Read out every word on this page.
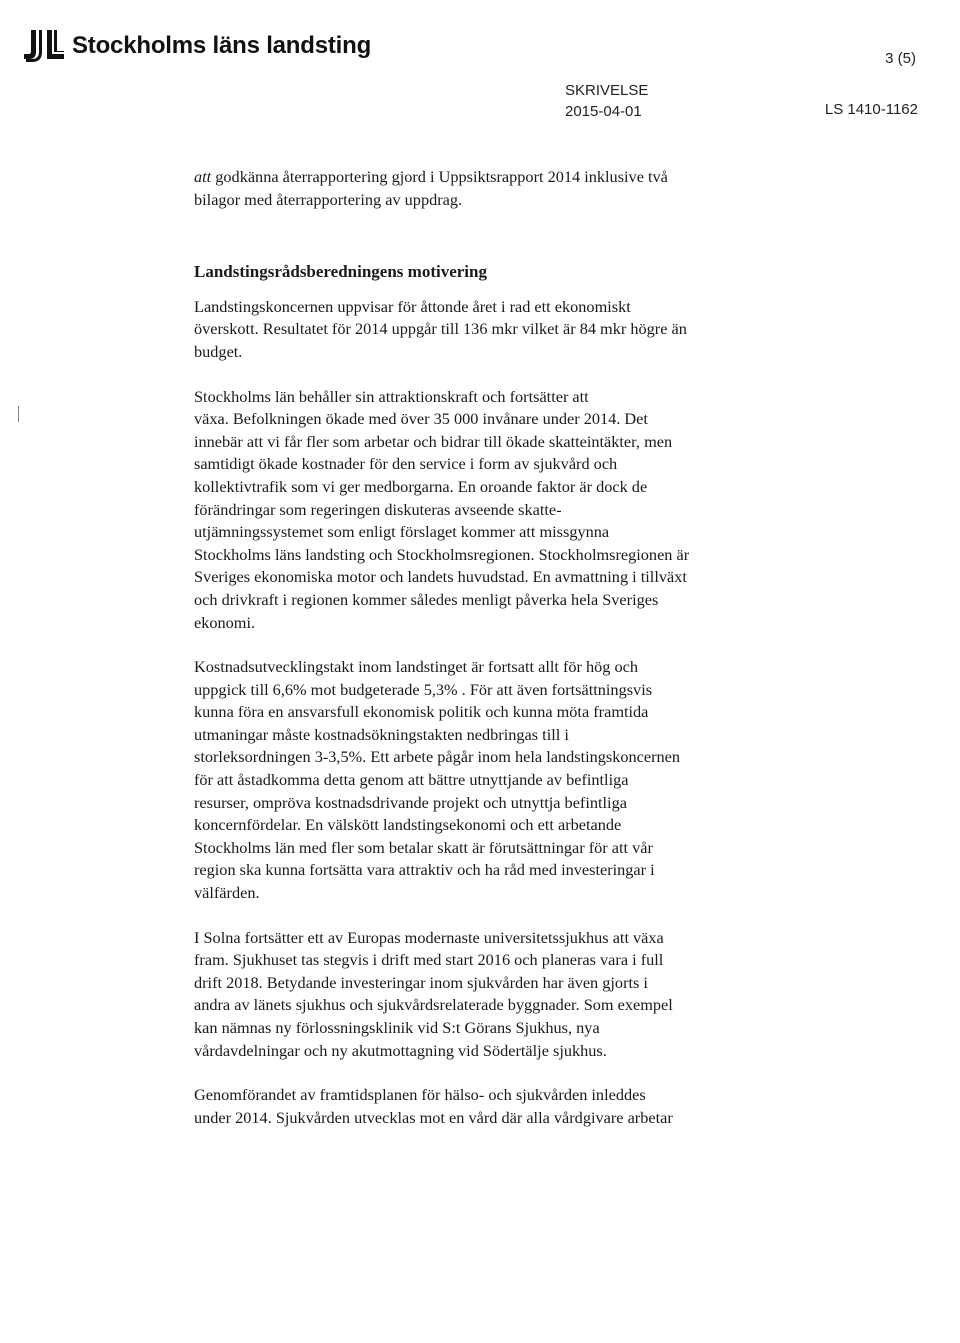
Stockholms läns landsting	3 (5)
SKRIVELSE
2015-04-01	LS 1410-1162

att godkänna återrapportering gjord i Uppsiktsrapport 2014 inklusive två
bilagor med återrapportering av uppdrag.

Landstingsrådsberedningens motivering

Landstingskoncernen uppvisar för åttonde året i rad ett ekonomiskt
överskott. Resultatet för 2014 uppgår till 136 mkr vilket är 84 mkr högre än
budget.

Stockholms län behåller sin attraktionskraft och fortsätter att
växa. Befolkningen ökade med över 35 000 invånare under 2014. Det
innebär att vi får fler som arbetar och bidrar till ökade skatteintäkter, men
samtidigt ökade kostnader för den service i form av sjukvård och
kollektivtrafik som vi ger medborgarna. En oroande faktor är dock de
förändringar som regeringen diskuteras avseende skatte-
utjämningssystemet som enligt förslaget kommer att missgynna
Stockholms läns landsting och Stockholmsregionen. Stockholmsregionen är
Sveriges ekonomiska motor och landets huvudstad. En avmattning i tillväxt
och drivkraft i regionen kommer således menligt påverka hela Sveriges
ekonomi.

Kostnadsutvecklingstakt inom landstinget är fortsatt allt för hög och
uppgick till 6,6% mot budgeterade 5,3% . För att även fortsättningsvis
kunna föra en ansvarsfull ekonomisk politik och kunna möta framtida
utmaningar måste kostnadsökningstakten nedbringas till i
storleksordningen 3-3,5%. Ett arbete pågår inom hela landstingskoncernen
för att åstadkomma detta genom att bättre utnyttjande av befintliga
resurser, ompröva kostnadsdrivande projekt och utnyttja befintliga
koncernfördelar. En välskött landstingsekonomi och ett arbetande
Stockholms län med fler som betalar skatt är förutsättningar för att vår
region ska kunna fortsätta vara attraktiv och ha råd med investeringar i
välfärden.

I Solna fortsätter ett av Europas modernaste universitetssjukhus att växa
fram. Sjukhuset tas stegvis i drift med start 2016 och planeras vara i full
drift 2018. Betydande investeringar inom sjukvården har även gjorts i
andra av länets sjukhus och sjukvårdsrelaterade byggnader. Som exempel
kan nämnas ny förlossningsklinik vid S:t Görans Sjukhus, nya
vårdavdelningar och ny akutmottagning vid Södertälje sjukhus.

Genomförandet av framtidsplanen för hälso- och sjukvården inleddes
under 2014. Sjukvården utvecklas mot en vård där alla vårdgivare arbetar
